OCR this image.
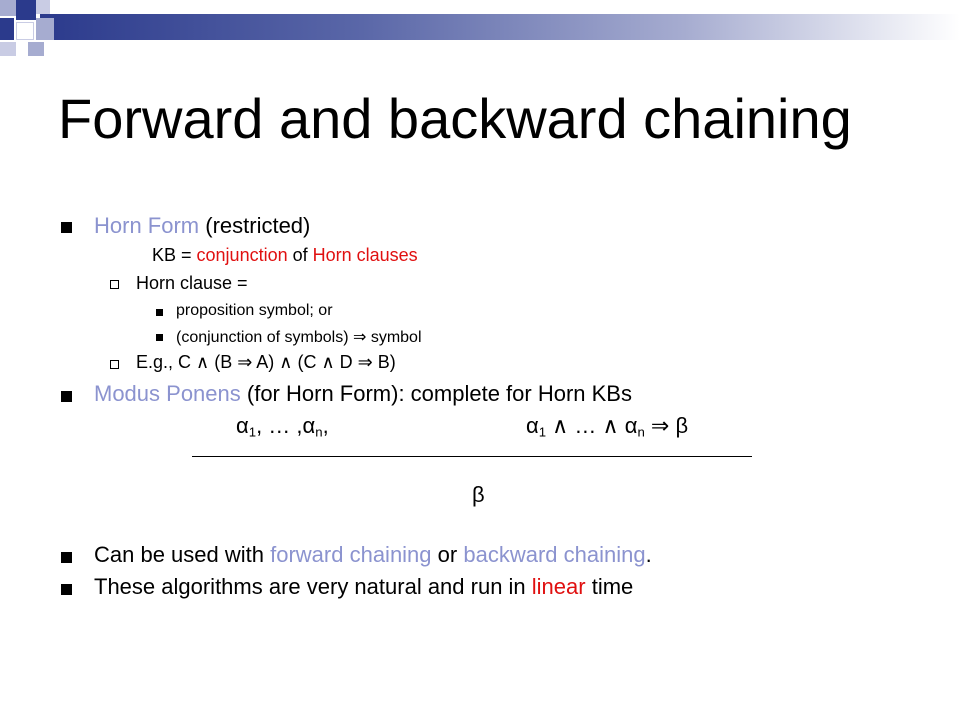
Forward and backward chaining
Horn Form (restricted)
KB = conjunction of Horn clauses
Horn clause =
proposition symbol; or
(conjunction of symbols) ⇒ symbol
E.g., C ∧ (B ⇒ A) ∧ (C ∧ D ⇒ B)
Modus Ponens (for Horn Form): complete for Horn KBs
$\alpha_1$, … $,\alpha_n$,	$\alpha_1$ ∧ … ∧ $\alpha_n$ ⇒ β
β
Can be used with forward chaining or backward chaining.
These algorithms are very natural and run in linear time
